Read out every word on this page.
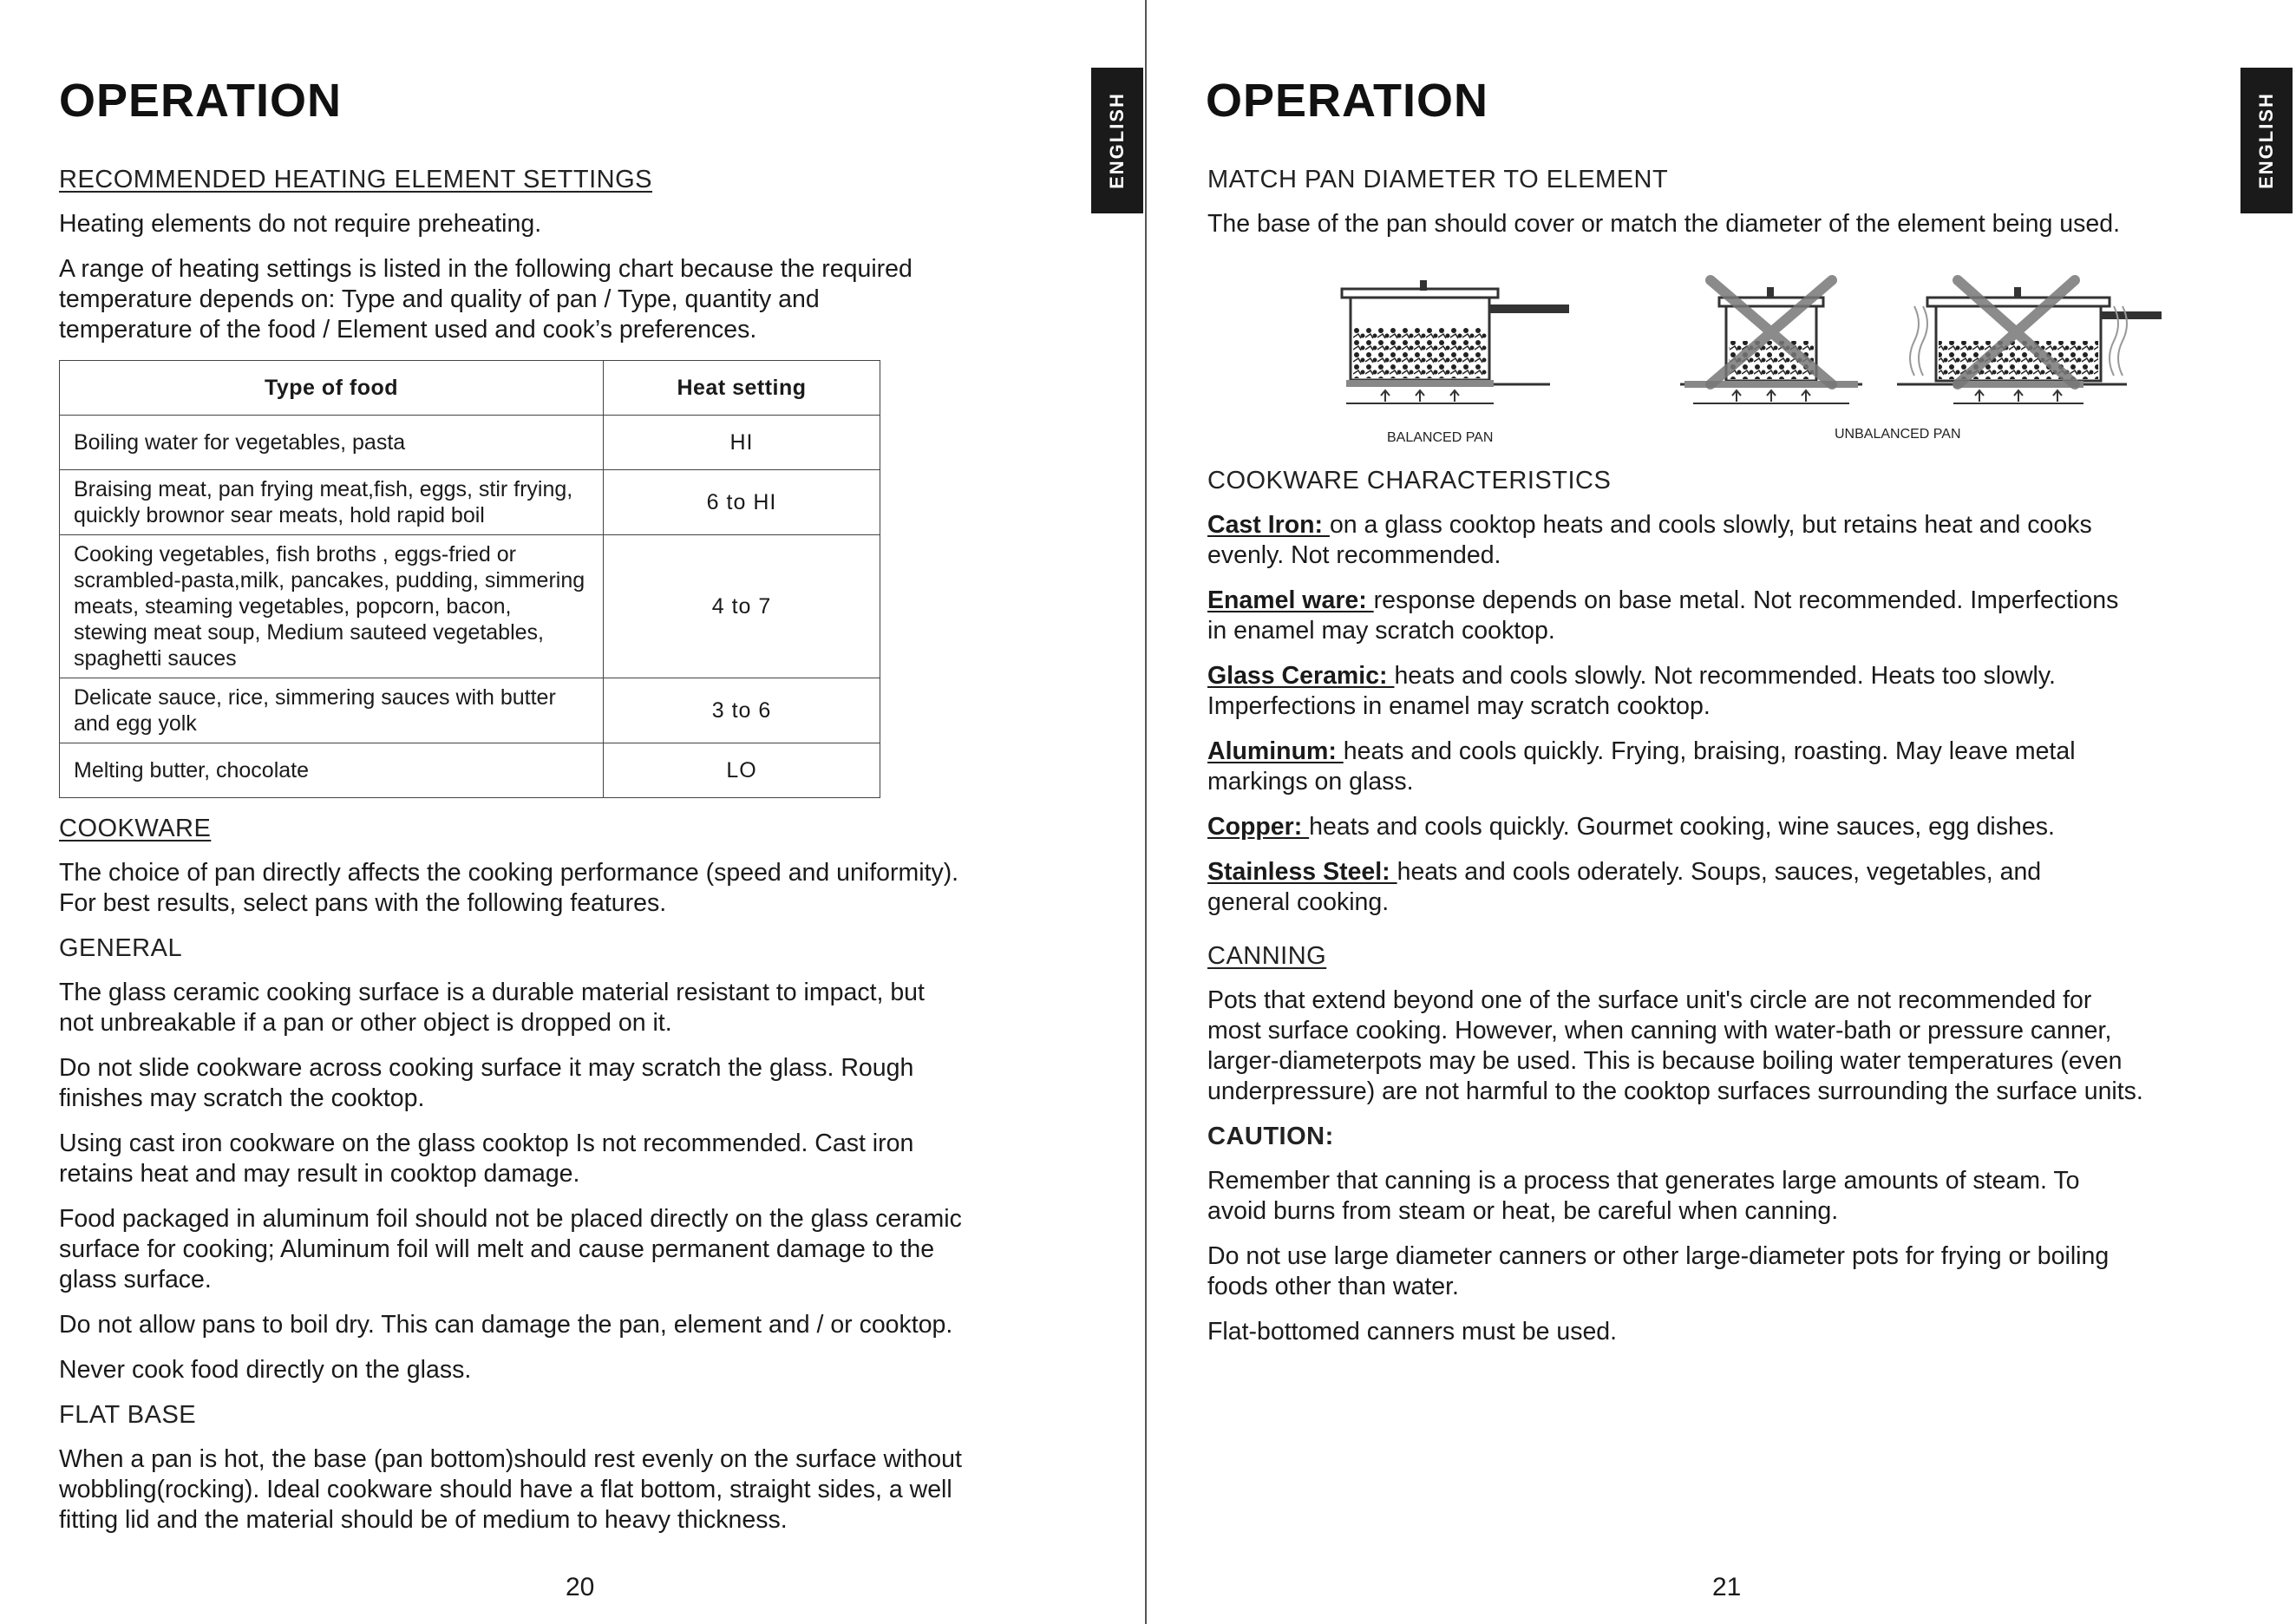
OPERATION	ENGLISH
RECOMMENDED HEATING ELEMENT SETTINGS

Heating elements do not require preheating.

A range of heating settings is listed in the following chart because the required
temperature depends on: Type and quality of pan / Type, quantity and
temperature of the food / Element used and cook’s preferences.

Type of food	Heat setting
Boiling water for vegetables, pasta	HI
Braising meat, pan frying meat,fish, eggs, stir frying, quickly brownor sear meats, hold rapid boil	6 to HI
Cooking vegetables, fish broths , eggs-fried or scrambled-pasta,milk, pancakes, pudding, simmering meats, steaming vegetables, popcorn, bacon, stewing meat soup, Medium sauteed vegetables, spaghetti sauces	4 to 7
Delicate sauce, rice, simmering sauces with butter and egg yolk	3 to 6
Melting butter, chocolate	LO
COOKWARE

The choice of pan directly affects the cooking performance (speed and uniformity).
For best results, select pans with the following features.

GENERAL

The glass ceramic cooking surface is a durable material resistant to impact, but
not unbreakable if a pan or other object is dropped on it.

Do not slide cookware across cooking surface it may scratch the glass. Rough
finishes may scratch the cooktop.

Using cast iron cookware on the glass cooktop Is not recommended. Cast iron
retains heat and may result in cooktop damage.

Food packaged in aluminum foil should not be placed directly on the glass ceramic
surface for cooking; Aluminum foil will melt and cause permanent damage to the
glass surface.

Do not allow pans to boil dry. This can damage the pan, element and / or cooktop.

Never cook food directly on the glass.

FLAT BASE

When a pan is hot, the base (pan bottom)should rest evenly on the surface without
wobbling(rocking). Ideal cookware should have a flat bottom, straight sides, a well
fitting lid and the material should be of medium to heavy thickness.

20
OPERATION	ENGLISH
MATCH PAN DIAMETER TO ELEMENT

The base of the pan should cover or match the diameter of the element being used.

BALANCED PAN	UNBALANCED PAN
COOKWARE CHARACTERISTICS

Cast Iron: on a glass cooktop heats and cools slowly, but retains heat and cooks
evenly. Not recommended.

Enamel ware: response depends on base metal. Not recommended. Imperfections
in enamel may scratch cooktop.

Glass Ceramic: heats and cools slowly. Not recommended. Heats too slowly.
Imperfections in enamel may scratch cooktop.

Aluminum: heats and cools quickly. Frying, braising, roasting. May leave metal
markings on glass.

Copper: heats and cools quickly. Gourmet cooking, wine sauces, egg dishes.

Stainless Steel: heats and cools oderately. Soups, sauces, vegetables, and
general cooking.

CANNING

Pots that extend beyond one of the surface unit's circle are not recommended for
most surface cooking. However, when canning with water-bath or pressure canner,
larger-diameterpots may be used. This is because boiling water temperatures (even
underpressure) are not harmful to the cooktop surfaces surrounding the surface units.

CAUTION:

Remember that canning is a process that generates large amounts of steam. To
avoid burns from steam or heat, be careful when canning.

Do not use large diameter canners or other large-diameter pots for frying or boiling
foods other than water.

Flat-bottomed canners must be used.

21
